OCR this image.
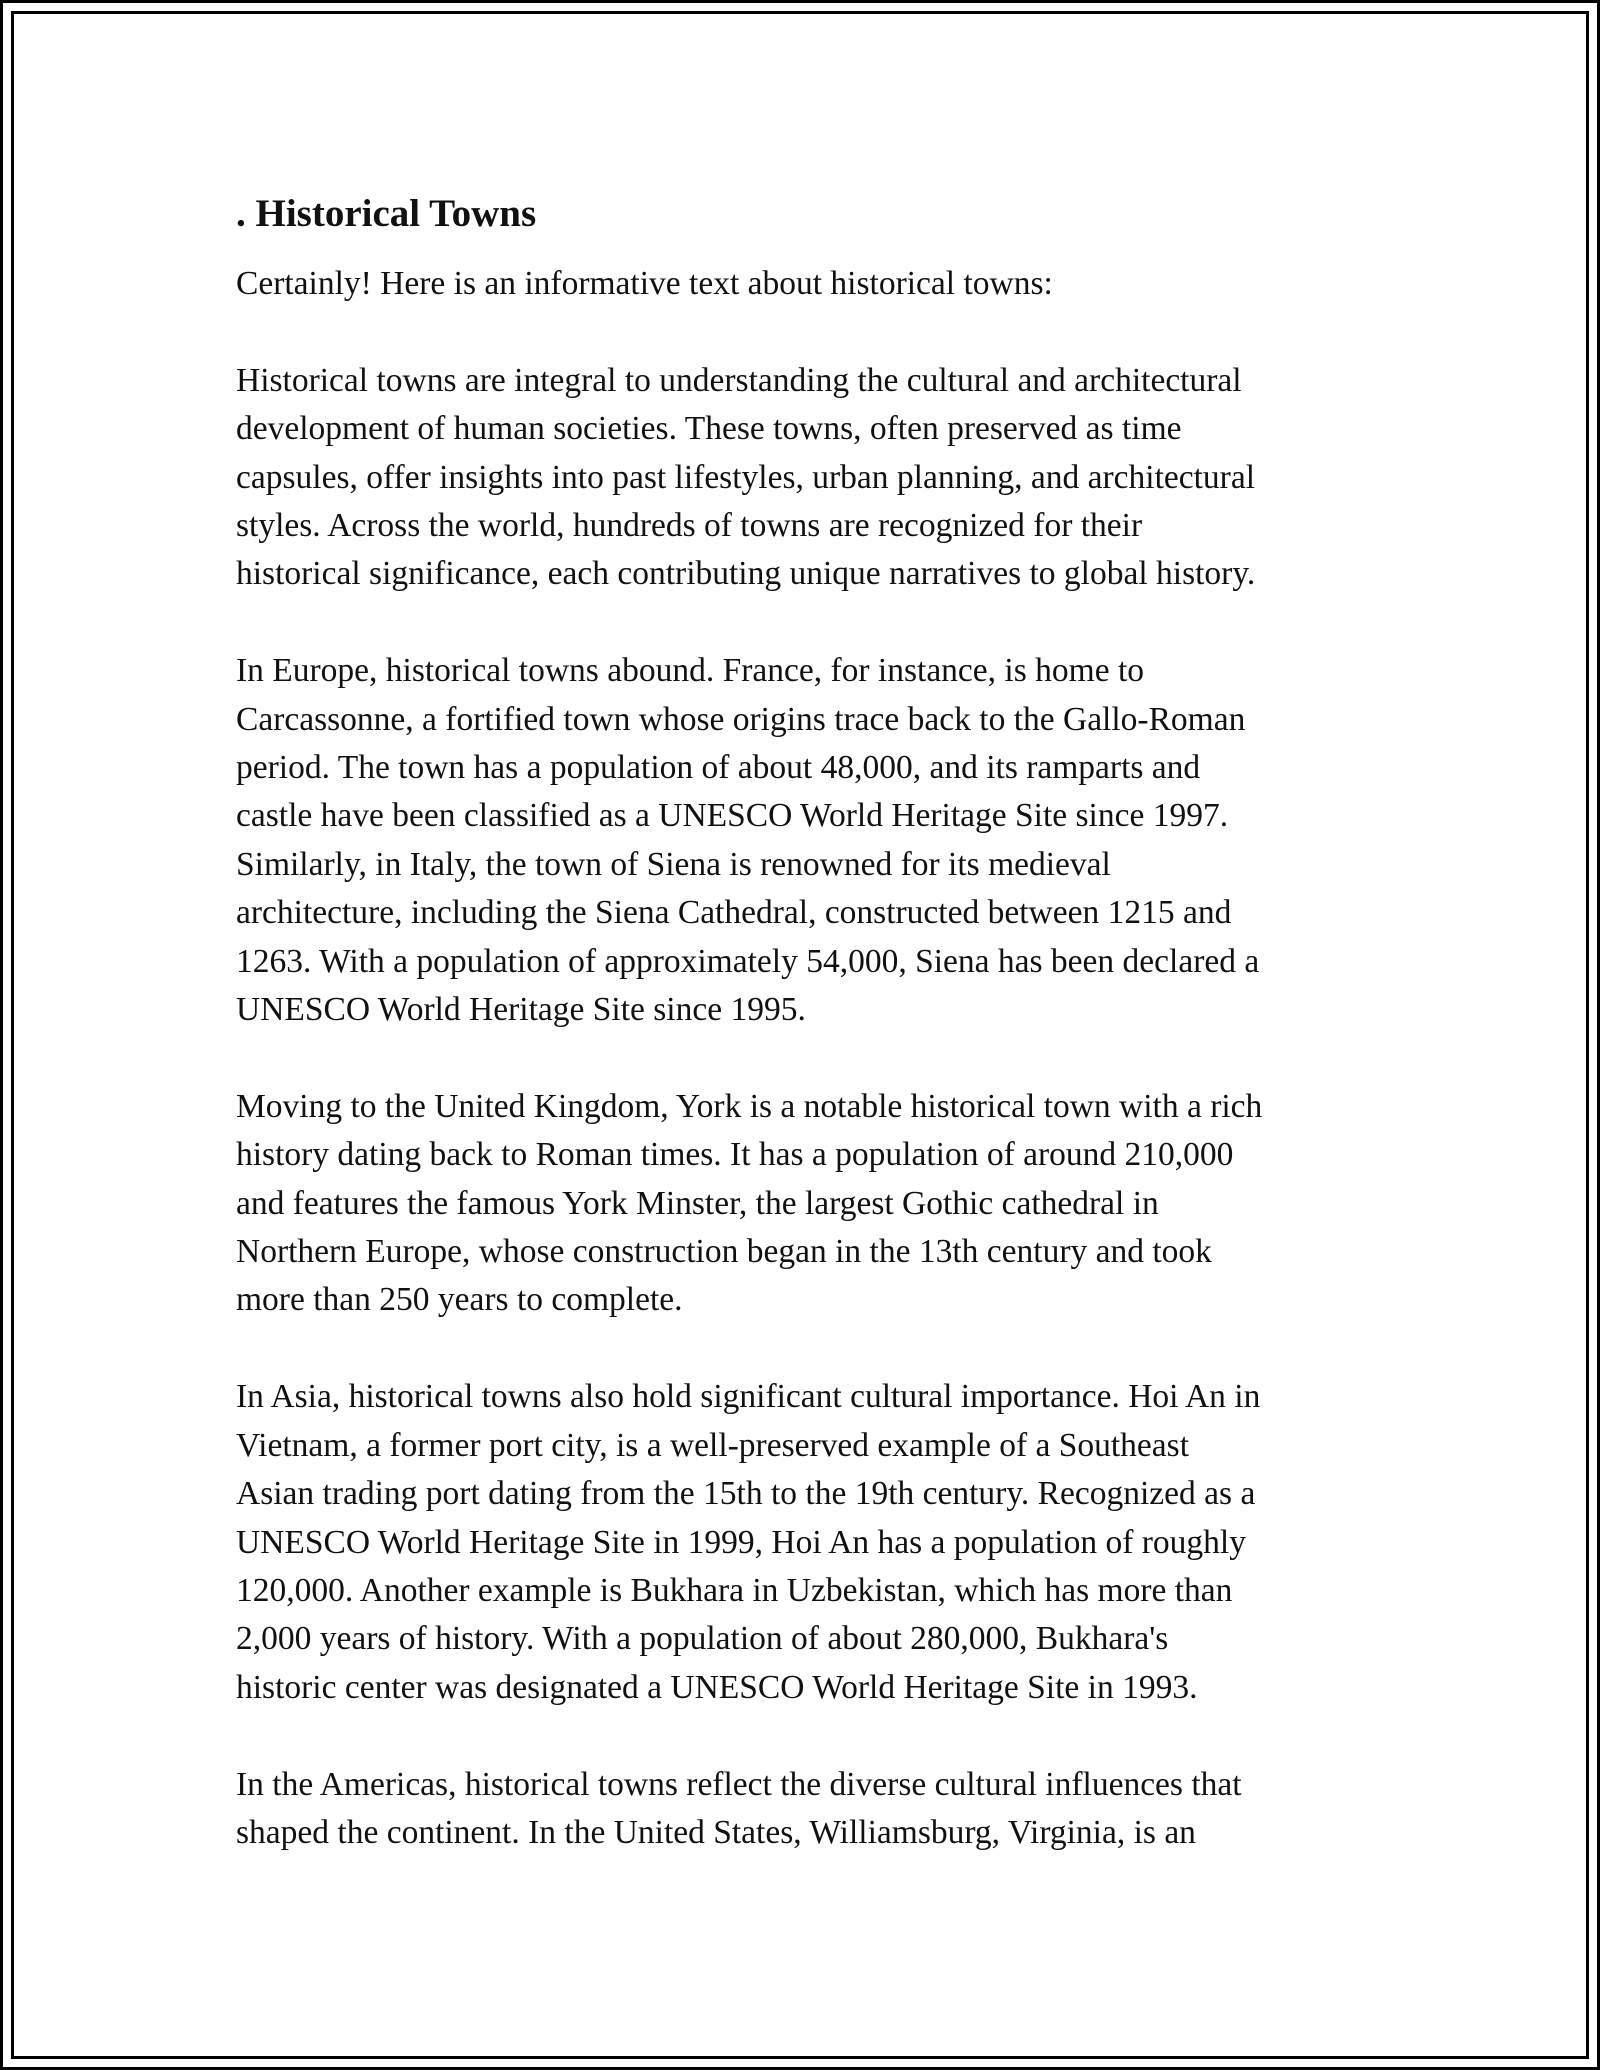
. Historical Towns

Certainly! Here is an informative text about historical towns:

Historical towns are integral to understanding the cultural and architectural
development of human societies. These towns, often preserved as time
capsules, offer insights into past lifestyles, urban planning, and architectural
styles. Across the world, hundreds of towns are recognized for their
historical significance, each contributing unique narratives to global history.

In Europe, historical towns abound. France, for instance, is home to
Carcassonne, a fortified town whose origins trace back to the Gallo-Roman
period. The town has a population of about 48,000, and its ramparts and
castle have been classified as a UNESCO World Heritage Site since 1997.
Similarly, in Italy, the town of Siena is renowned for its medieval
architecture, including the Siena Cathedral, constructed between 1215 and
1263. With a population of approximately 54,000, Siena has been declared a
UNESCO World Heritage Site since 1995.

Moving to the United Kingdom, York is a notable historical town with a rich
history dating back to Roman times. It has a population of around 210,000
and features the famous York Minster, the largest Gothic cathedral in
Northern Europe, whose construction began in the 13th century and took
more than 250 years to complete.

In Asia, historical towns also hold significant cultural importance. Hoi An in
Vietnam, a former port city, is a well-preserved example of a Southeast
Asian trading port dating from the 15th to the 19th century. Recognized as a
UNESCO World Heritage Site in 1999, Hoi An has a population of roughly
120,000. Another example is Bukhara in Uzbekistan, which has more than
2,000 years of history. With a population of about 280,000, Bukhara's
historic center was designated a UNESCO World Heritage Site in 1993.

In the Americas, historical towns reflect the diverse cultural influences that
shaped the continent. In the United States, Williamsburg, Virginia, is an
